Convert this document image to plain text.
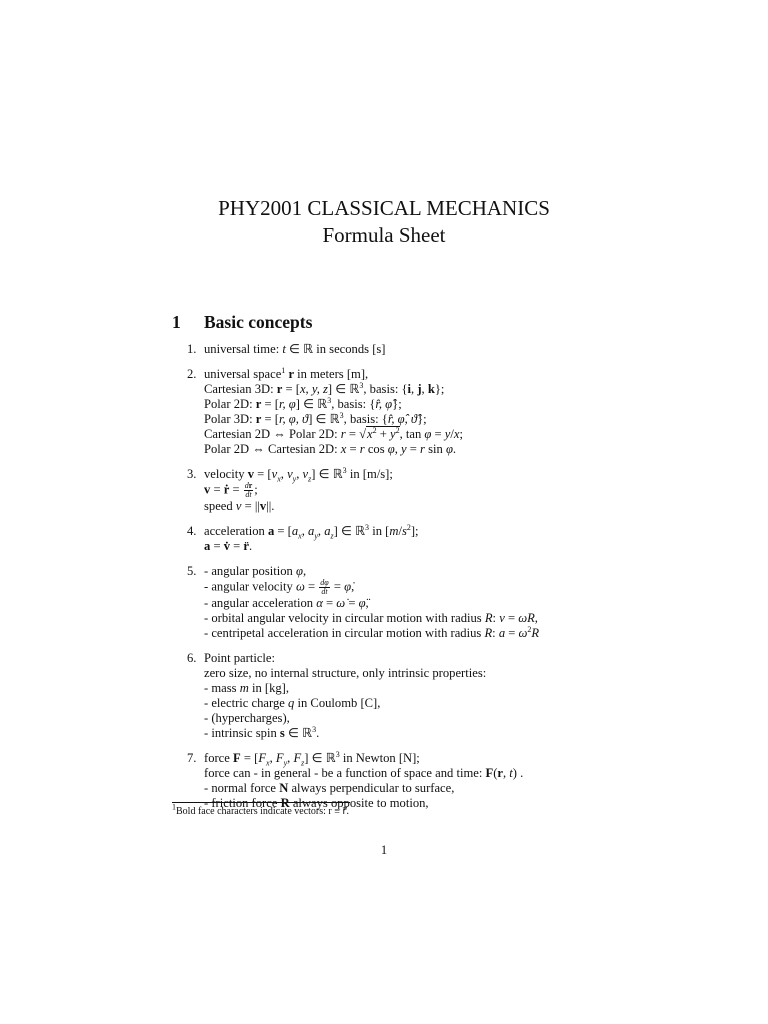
PHY2001 CLASSICAL MECHANICS
Formula Sheet
1 Basic concepts
1. universal time: t ∈ ℝ in seconds [s]
2. universal space$^1$ r in meters [m],
Cartesian 3D: r = [x, y, z] ∈ ℝ$^3$, basis: {i, j, k};
Polar 2D: r = [r, φ] ∈ ℝ$^3$, basis: {r̂, φ̂};
Polar 3D: r = [r, φ, ϑ] ∈ ℝ$^3$, basis: {r̂, φ̂, ϑ̂};
Cartesian 2D ⇔ Polar 2D: $r = √x^2 + y^2$, tan φ = y/x;
Polar 2D ⇔ Cartesian 2D: x = r cos φ, y = r sin φ.
3. velocity $v = [v_x$, $v_y$, $v_z$] ∈ ℝ$^3$ in [m/s];
v = ṙ = $\frac{dr}{dt}$ ;
speed v = ||v||.
4. acceleration $a = [a_x$, $a_y$, $a_z$] ∈ ℝ$^3$ in $[m/s^2]$;
a = v̇ = r̈.
5. - angular position φ,
- angular velocity $\omega = \frac{d\varphi}{dt}$ = φ̇,
- angular acceleration α = ω̇ = φ̈,
- orbital angular velocity in circular motion with radius R: v = ωR,
- centripetal acceleration in circular motion with radius R: $a = \omega^2R$
6. Point particle:
zero size, no internal structure, only intrinsic properties:
- mass m in [kg],
- electric charge q in Coulomb [C],
- (hypercharges),
- intrinsic spin s ∈ ℝ$^3$.
7. force $F = [F_x$, $F_y$, $F_z$] ∈ ℝ$^3$ in Newton [N];
force can - in general - be a function of space and time: F(r, t) .
- normal force N always perpendicular to surface,
- friction force R always opposite to motion,
$^1$Bold face characters indicate vectors: r ≡ r⃗.
1
